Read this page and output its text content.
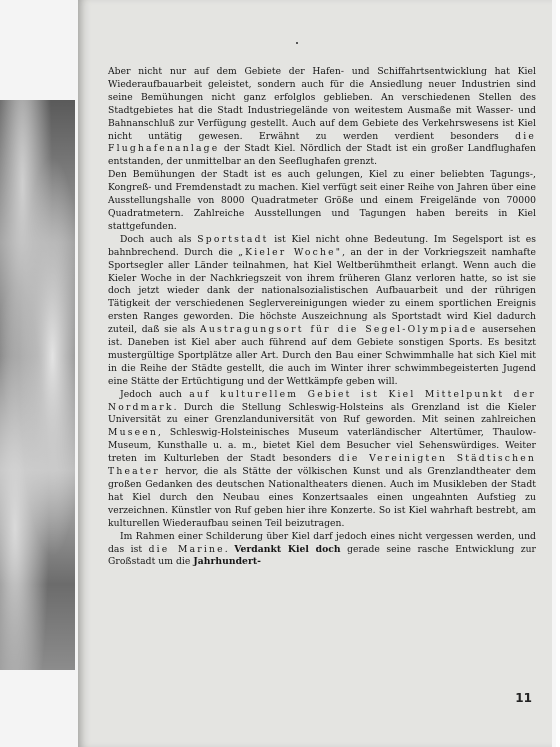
Aber nicht nur auf dem Gebiete der Hafen- und Schiffahrtsentwicklung hat Kiel Wiederaufbauarbeit geleistet, sondern auch für die Ansiedlung neuer Industrien sind seine Bemühungen nicht ganz erfolglos geblieben. An verschiedenen Stellen des Stadtgebietes hat die Stadt Industriegelände von weitestem Ausmaße mit Wasser- und Bahnanschluß zur Verfügung gestellt. Auch auf dem Gebiete des Verkehrswesens ist Kiel nicht untätig gewesen. Erwähnt zu werden verdient besonders die Flughafenanlage der Stadt Kiel. Nördlich der Stadt ist ein großer Landflughafen entstanden, der unmittelbar an den Seeflughafen grenzt.

Den Bemühungen der Stadt ist es auch gelungen, Kiel zu einer beliebten Tagungs-, Kongreß- und Fremdenstadt zu machen. Kiel verfügt seit einer Reihe von Jahren über eine Ausstellungshalle von 8000 Quadratmeter Größe und einem Freigelände von 70000 Quadratmetern. Zahlreiche Ausstellungen und Tagungen haben bereits in Kiel stattgefunden.

Doch auch als Sportstadt ist Kiel nicht ohne Bedeutung. Im Segelsport ist es bahnbrechend. Durch die „Kieler Woche", an der in der Vorkriegszeit namhafte Sportsegler aller Länder teilnahmen, hat Kiel Weltberühmtheit erlangt. Wenn auch die Kieler Woche in der Nachkriegszeit von ihrem früheren Glanz verloren hatte, so ist sie doch jetzt wieder dank der nationalsozialistischen Aufbauarbeit und der rührigen Tätigkeit der verschiedenen Seglervereinigungen wieder zu einem sportlichen Ereignis ersten Ranges geworden. Die höchste Auszeichnung als Sportstadt wird Kiel dadurch zuteil, daß sie als Austragungsort für die Segel-Olympiade ausersehen ist. Daneben ist Kiel aber auch führend auf dem Gebiete sonstigen Sports. Es besitzt mustergültige Sportplätze aller Art. Durch den Bau einer Schwimmhalle hat sich Kiel mit in die Reihe der Städte gestellt, die auch im Winter ihrer schwimmbegeisterten Jugend eine Stätte der Ertüchtigung und der Wettkämpfe geben will.

Jedoch auch auf kulturellem Gebiet ist Kiel Mittelpunkt der Nordmark. Durch die Stellung Schleswig-Holsteins als Grenzland ist die Kieler Universität zu einer Grenzlanduniversität von Ruf geworden. Mit seinen zahlreichen Museen, Schleswig-Holsteinisches Museum vaterländischer Altertümer, Thaulow-Museum, Kunsthalle u. a. m., bietet Kiel dem Besucher viel Sehenswürdiges. Weiter treten im Kulturleben der Stadt besonders die Vereinigten Städtischen Theater hervor, die als Stätte der völkischen Kunst und als Grenzlandtheater dem großen Gedanken des deutschen Nationaltheaters dienen. Auch im Musikleben der Stadt hat Kiel durch den Neubau eines Konzertsaales einen ungeahnten Aufstieg zu verzeichnen. Künstler von Ruf geben hier ihre Konzerte. So ist Kiel wahrhaft bestrebt, am kulturellen Wiederaufbau seinen Teil beizutragen.

Im Rahmen einer Schilderung über Kiel darf jedoch eines nicht vergessen werden, und das ist die Marine. Verdankt Kiel doch gerade seine rasche Entwicklung zur Großstadt um die Jahrhundert-

11
